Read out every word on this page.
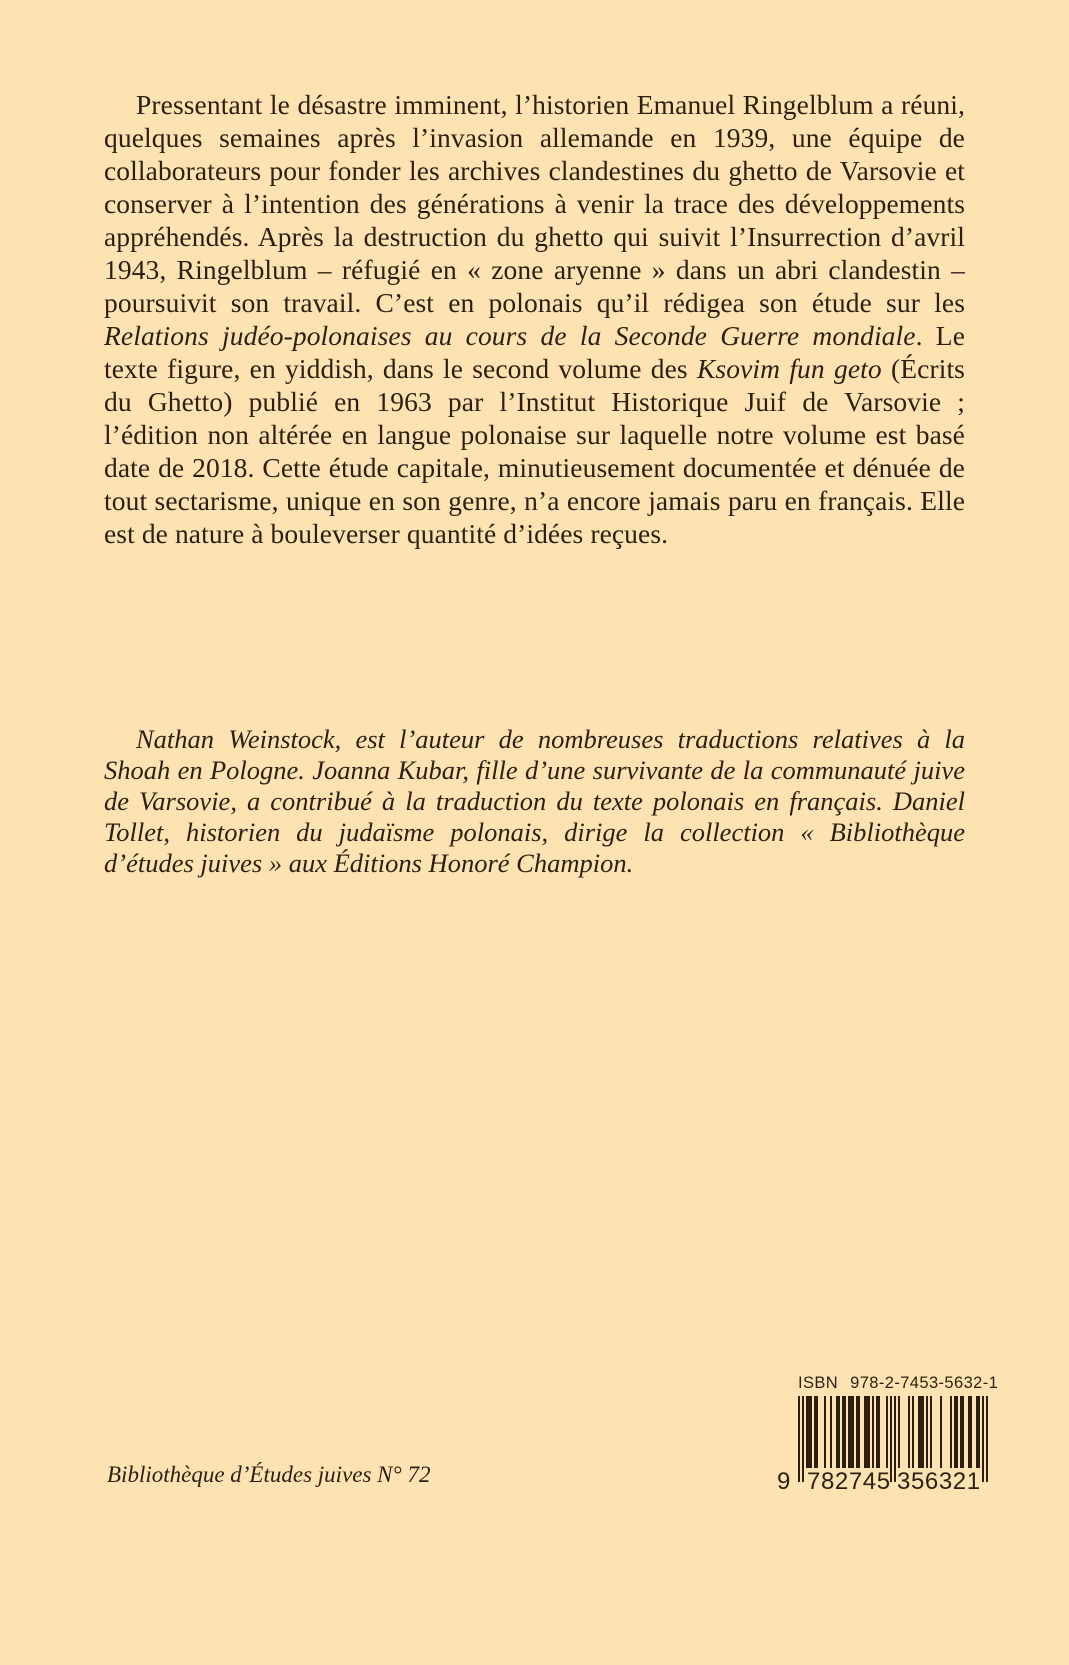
Pressentant le désastre imminent, l’historien Emanuel Ringelblum a réuni, quelques semaines après l’invasion allemande en 1939, une équipe de collaborateurs pour fonder les archives clandestines du ghetto de Varsovie et conserver à l’intention des générations à venir la trace des développements appréhendés. Après la destruction du ghetto qui suivit l’Insurrection d’avril 1943, Ringelblum – réfugié en « zone aryenne » dans un abri clandestin – poursuivit son travail. C’est en polonais qu’il rédigea son étude sur les Relations judéo-polonaises au cours de la Seconde Guerre mondiale. Le texte figure, en yiddish, dans le second volume des Ksovim fun geto (Écrits du Ghetto) publié en 1963 par l’Institut Historique Juif de Varsovie ; l’édition non altérée en langue polonaise sur laquelle notre volume est basé date de 2018. Cette étude capitale, minutieusement documentée et dénuée de tout sectarisme, unique en son genre, n’a encore jamais paru en français. Elle est de nature à bouleverser quantité d’idées reçues.

Nathan Weinstock, est l’auteur de nombreuses traductions relatives à la Shoah en Pologne. Joanna Kubar, fille d’une survivante de la communauté juive de Varsovie, a contribué à la traduction du texte polonais en français. Daniel Tollet, historien du judaïsme polonais, dirige la collection « Bibliothèque d’études juives » aux Éditions Honoré Champion.

Bibliothèque d’Études juives N° 72
ISBN 978-2-7453-5632-1
9 782745 356321
